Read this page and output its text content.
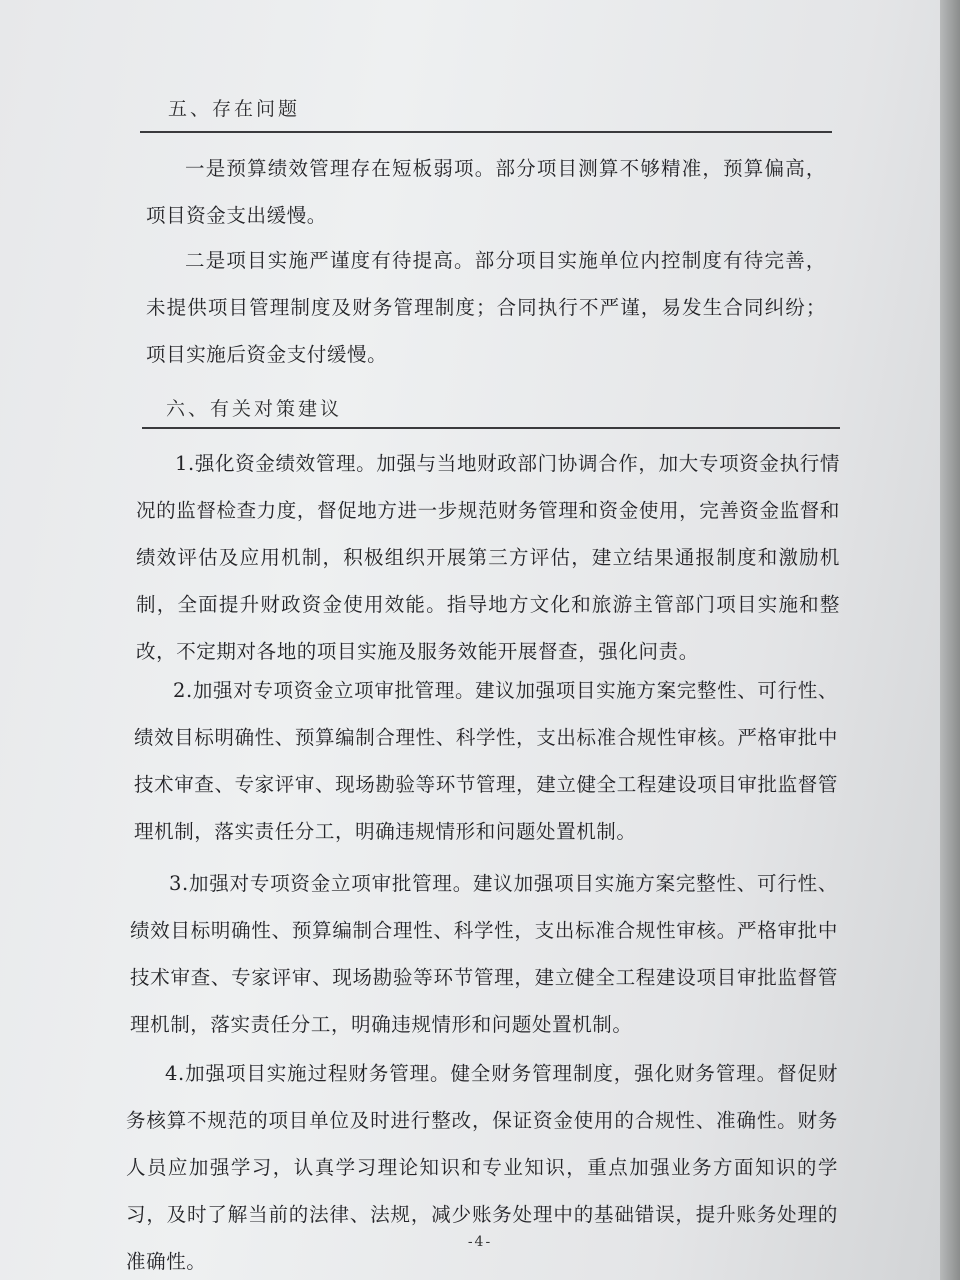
五、存在问题

一是预算绩效管理存在短板弱项。部分项目测算不够精准，预算偏高，项目资金支出缓慢。

二是项目实施严谨度有待提高。部分项目实施单位内控制度有待完善，未提供项目管理制度及财务管理制度；合同执行不严谨，易发生合同纠纷；项目实施后资金支付缓慢。

六、有关对策建议

1.强化资金绩效管理。加强与当地财政部门协调合作，加大专项资金执行情况的监督检查力度，督促地方进一步规范财务管理和资金使用，完善资金监督和绩效评估及应用机制，积极组织开展第三方评估，建立结果通报制度和激励机制，全面提升财政资金使用效能。指导地方文化和旅游主管部门项目实施和整改，不定期对各地的项目实施及服务效能开展督查，强化问责。

2.加强对专项资金立项审批管理。建议加强项目实施方案完整性、可行性、绩效目标明确性、预算编制合理性、科学性，支出标准合规性审核。严格审批中技术审查、专家评审、现场勘验等环节管理，建立健全工程建设项目审批监督管理机制，落实责任分工，明确违规情形和问题处置机制。

3.加强对专项资金立项审批管理。建议加强项目实施方案完整性、可行性、绩效目标明确性、预算编制合理性、科学性，支出标准合规性审核。严格审批中技术审查、专家评审、现场勘验等环节管理，建立健全工程建设项目审批监督管理机制，落实责任分工，明确违规情形和问题处置机制。

4.加强项目实施过程财务管理。健全财务管理制度，强化财务管理。督促财务核算不规范的项目单位及时进行整改，保证资金使用的合规性、准确性。财务人员应加强学习，认真学习理论知识和专业知识，重点加强业务方面知识的学习，及时了解当前的法律、法规，减少账务处理中的基础错误，提升账务处理的准确性。

-4-
